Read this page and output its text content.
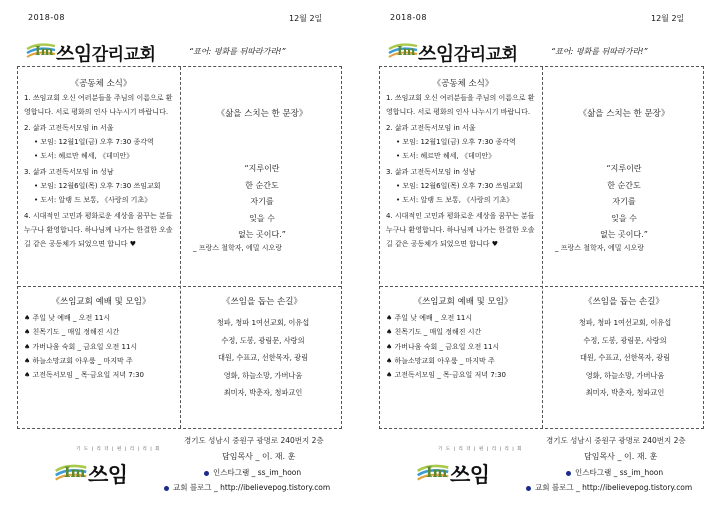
2018-08	12월 2일
Im 쓰임감리교회	“표어: 평화를 뒤따라가라!”
《공동체 소식》
1. 쓰임교회 오신 여러분들을 주님의 이름으로 환영합니다. 서로 평화의 인사 나누시기 바랍니다.
2. 삶과 고전독서모임 in 서울
• 모임: 12월1일(금) 오후 7:30 종각역
• 도서: 헤르만 헤세, 《데미안》
3. 삶과 고전독서모임 in 성남
• 모임: 12월6일(목) 오후 7:30 쓰임교회
• 도서: 알랭 드 보통, 《사랑의 기초》
4. 시대적인 고민과 평화로운 세상을 꿈꾸는 분들 누구나 환영합니다. 하나님께 나가는 한결한 오솔길 같은 공동체가 되었으면 합니다 ♥
《삶을 스치는 한 문장》
“지루이란
한 순간도
자기를
잊을 수
없는 곳이다.”
_ 프랑스 철학자, 에밀 시오랑
《쓰임교회 예배 및 모임》
♠ 주일 낮 예배 _ 오전 11시
♠ 친목기도 _ 매일 정해진 시간
♠ 가버나움 숙회 _ 금요일 오전 11시
♠ 하늘소망교회 아우룸 _ 마지막 주
♠ 고전독서모임 _ 목·금요일 저녁 7:30
《쓰임을 돕는 손길》
청파, 청파 1여선교회, 이유섭
수정, 도봉, 광림문, 사랑의
대원, 수표교, 선한목자, 광림
영화, 하늘소망, 가버나움
최미자, 박춘자, 청파교인
기 도 | 리 더 | 편 | 리 | 리 | 회
Im 쓰임
경기도 성남시 중원구 광명로 240번지 2층
담임목사 _ 이. 재. 훈
인스타그램 _ ss_im_hoon
교회 블로그 _ http://ibelievepog.tistory.com
2018-08	12월 2일
Im 쓰임감리교회	“표어: 평화를 뒤따라가라!”
《공동체 소식》
1. 쓰임교회 오신 여러분들을 주님의 이름으로 환영합니다. 서로 평화의 인사 나누시기 바랍니다.
2. 삶과 고전독서모임 in 서울
• 모임: 12월1일(금) 오후 7:30 종각역
• 도서: 헤르만 헤세, 《데미안》
3. 삶과 고전독서모임 in 성남
• 모임: 12월6일(목) 오후 7:30 쓰임교회
• 도서: 알랭 드 보통, 《사랑의 기초》
4. 시대적인 고민과 평화로운 세상을 꿈꾸는 분들 누구나 환영합니다. 하나님께 나가는 한결한 오솔길 같은 공동체가 되었으면 합니다 ♥
《삶을 스치는 한 문장》
“지루이란
한 순간도
자기를
잊을 수
없는 곳이다.”
_ 프랑스 철학자, 에밀 시오랑
《쓰임교회 예배 및 모임》
♠ 주일 낮 예배 _ 오전 11시
♠ 친목기도 _ 매일 정해진 시간
♠ 가버나움 숙회 _ 금요일 오전 11시
♠ 하늘소망교회 아우룸 _ 마지막 주
♠ 고전독서모임 _ 목·금요일 저녁 7:30
《쓰임을 돕는 손길》
청파, 청파 1여선교회, 이유섭
수정, 도봉, 광림문, 사랑의
대원, 수표교, 선한목자, 광림
영화, 하늘소망, 가버나움
최미자, 박춘자, 청파교인
기 도 | 리 더 | 편 | 리 | 리 | 회
Im 쓰임
경기도 성남시 중원구 광명로 240번지 2층
담임목사 _ 이. 재. 훈
인스타그램 _ ss_im_hoon
교회 블로그 _ http://ibelievepog.tistory.com
